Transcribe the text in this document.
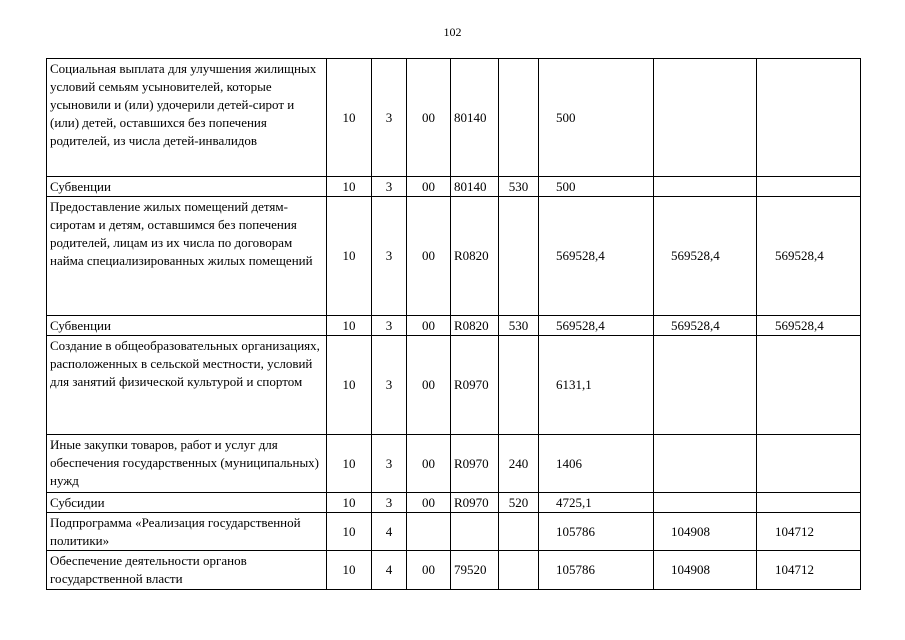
102
Социальная выплата для улучшения жилищных условий семьям усыновителей, которые усыновили и (или) удочерили детей-сирот и (или) детей, оставшихся без попечения родителей, из числа детей-инвалидов	10	3	00	80140		500		
Субвенции	10	3	00	80140	530	500		
Предоставление жилых помещений детям-сиротам и детям, оставшимся без попечения родителей, лицам из их числа по договорам найма специализированных жилых помещений	10	3	00	R0820		569528,4	569528,4	569528,4
Субвенции	10	3	00	R0820	530	569528,4	569528,4	569528,4
Создание в общеобразовательных организациях, расположенных в сельской местности, условий для занятий физической культурой и спортом	10	3	00	R0970		6131,1		
Иные закупки товаров, работ и услуг для обеспечения государственных (муниципальных) нужд	10	3	00	R0970	240	1406		
Субсидии	10	3	00	R0970	520	4725,1		
Подпрограмма «Реализация государственной политики»	10	4				105786	104908	104712
Обеспечение деятельности органов государственной власти	10	4	00	79520		105786	104908	104712
